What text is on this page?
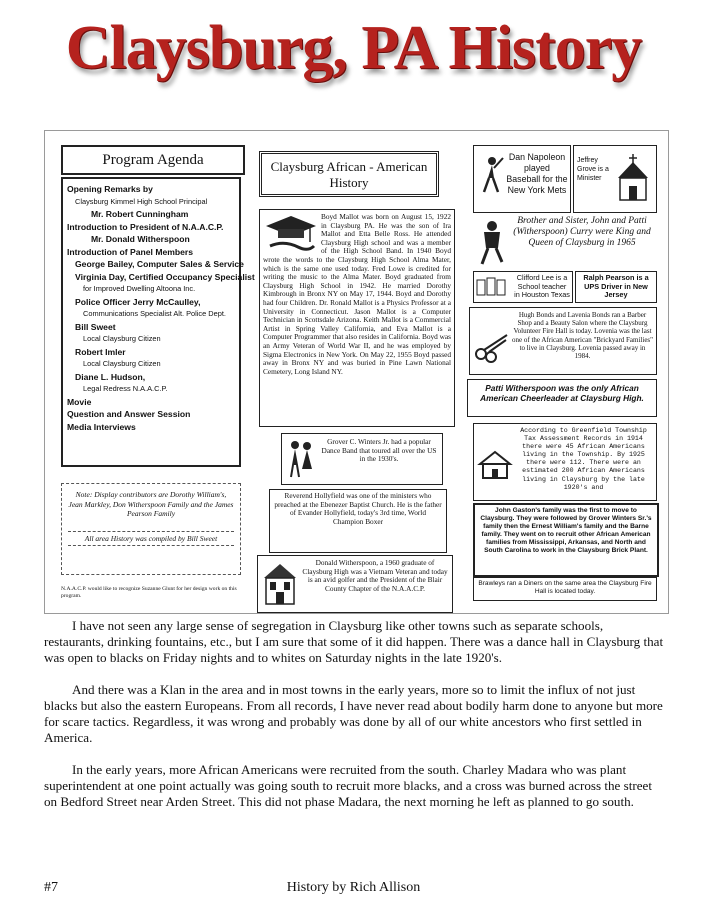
Claysburg, PA History
Program Agenda
Opening Remarks by
Claysburg Kimmel High School Principal
Mr. Robert Cunningham
Introduction to President of N.A.A.C.P.
Mr. Donald Witherspoon
Introduction of Panel Members
George Bailey, Computer Sales & Service
Virginia Day, Certified Occupancy Specialist
for Improved Dwelling Altoona Inc.
Police Officer Jerry McCaulley,
Communications Specialist Alt. Police Dept.
Bill Sweet
Local Claysburg Citizen
Robert Imler
Local Claysburg Citizen
Diane L. Hudson,
Legal Redress N.A.A.C.P.
Movie
Question and Answer Session
Media Interviews
Note: Display contributors are Dorothy William's, Jean Markley, Don Witherspoon Family and the James Pearson Family
All area History was compiled by Bill Sweet
N.A.A.C.P. would like to recognize Suzanne Glunt for her design work on this program.
Claysburg African - American History
Boyd Mallot was born on August 15, 1922 in Claysburg PA. He was the son of Ira Mallot and Etta Belle Ross. He attended Claysburg High school and was a member of the High School Band. In 1940 Boyd wrote the words to the Claysburg High School Alma Mater, which is the same one used today. Fred Lowe is credited for writing the music to the Alma Mater. Boyd graduated from Claysburg High School in 1942. He married Dorothy Kimbrough in Bronx NY on May 17, 1944. Boyd and Dorothy had four Children. Dr. Ronald Mallot is a Physics Professor at a University in Connecticut. Jason Mallot is a Computer Technician in Scottsdale Arizona. Keith Mallot is a Commercial Artist in Spring Valley California, and Eva Mallot is a Computer Programmer that also resides in California. Boyd was an Army Veteran of World War II, and he was employed by Sigma Electronics in New York. On May 22, 1955 Boyd passed away in Bronx NY and was buried in Pine Lawn National Cemetery, Long Island NY.
Grover C. Winters Jr. had a popular Dance Band that toured all over the US in the 1930's.
Reverend Hollyfield was one of the ministers who preached at the Ebenezer Baptist Church. He is the father of Evander Hollyfield, today's 3rd time, World Champion Boxer
Donald Witherspoon, a 1960 graduate of Claysburg High was a Vietnam Veteran and today is an avid golfer and the President of the Blair County Chapter of the N.A.A.C.P.
Dan Napoleon played Baseball for the New York Mets
Jeffrey Grove is a Minister
Brother and Sister, John and Patti (Witherspoon) Curry were King and Queen of Claysburg in 1965
Clifford Lee is a School teacher in Houston Texas
Ralph Pearson is a UPS Driver in New Jersey
Hugh Bonds and Lavenia Bonds ran a Barber Shop and a Beauty Salon where the Claysburg Volunteer Fire Hall is today. Lovenia was the last one of the African American "Brickyard Families" to live in Claysburg. Lovenia passed away in 1984.
Patti Witherspoon was the only African American Cheerleader at Claysburg High.
According to Greenfield Township Tax Assessment Records in 1914 there were 45 African Americans living in the Township. By 1925 there were 112. There were an estimated 200 African Americans living in Claysburg by the late 1920's and
John Gaston's family was the first to move to Claysburg. They were followed by Grover Winters Sr.'s family then the Ernest William's family and the Barne family. They went on to recruit other African American families from Mississippi, Arkansas, and North and South Carolina to work in the Claysburg Brick Plant.
Brawleys ran a Diners on the same area the Claysburg Fire Hall is located today.

I have not seen any large sense of segregation in Claysburg like other towns such as separate schools, restaurants, drinking fountains, etc., but I am sure that some of it did happen. There was a dance hall in Claysburg that was open to blacks on Friday nights and to whites on Saturday nights in the late 1920's.

And there was a Klan in the area and in most towns in the early years, more so to limit the influx of not just blacks but also the eastern Europeans. From all records, I have never read about bodily harm done to anyone but more for scare tactics. Regardless, it was wrong and probably was done by all of our white ancestors who first settled in America.

In the early years, more African Americans were recruited from the south. Charley Madara who was plant superintendent at one point actually was going south to recruit more blacks, and a cross was burned across the street on Bedford Street near Arden Street. This did not phase Madara, the next morning he left as planned to go south.

History by Rich Allison
#7
